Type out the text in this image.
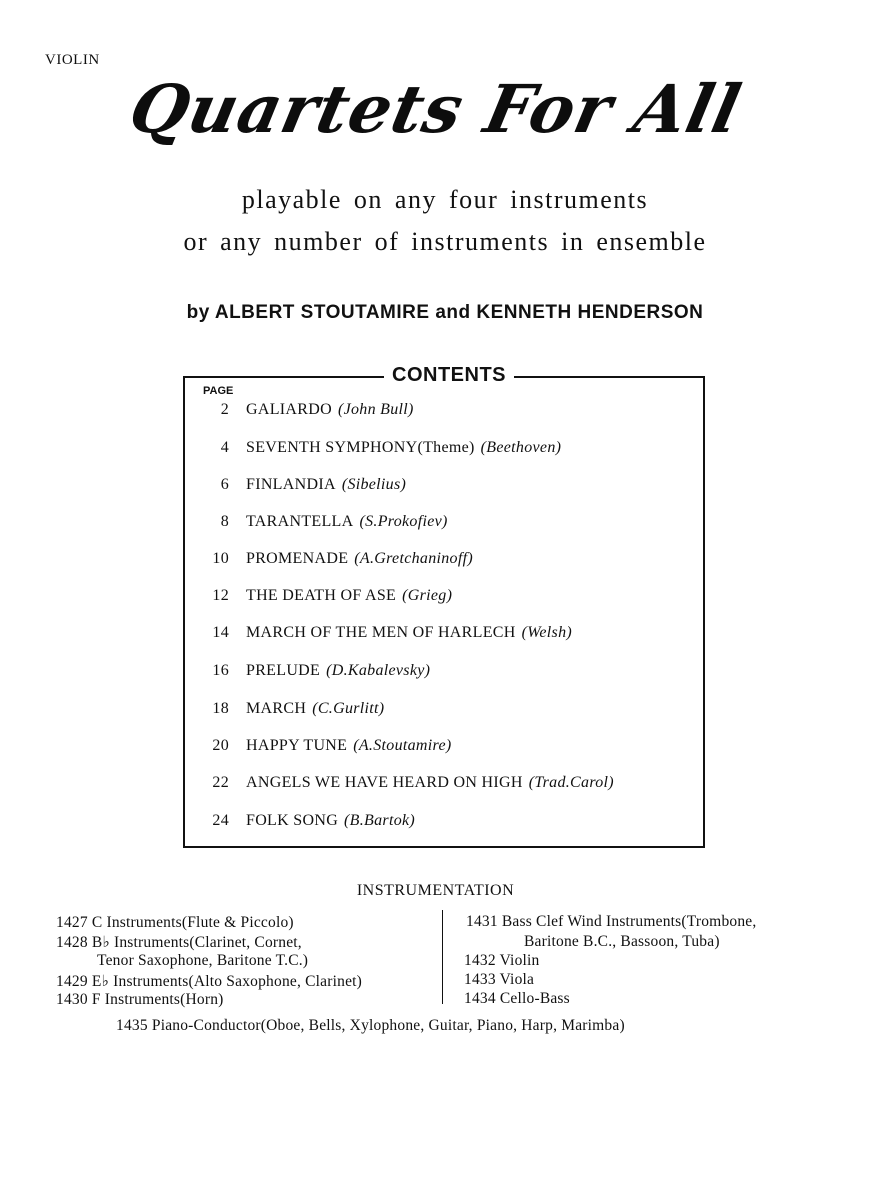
VIOLIN
Quartets For All
playable on any four instruments
or any number of instruments in ensemble
by ALBERT STOUTAMIRE and KENNETH HENDERSON
CONTENTS
PAGE
2 GALIARDO (John Bull)
4 SEVENTH SYMPHONY(Theme) (Beethoven)
6 FINLANDIA (Sibelius)
8 TARANTELLA (S.Prokofiev)
10 PROMENADE (A.Gretchaninoff)
12 THE DEATH OF ASE (Grieg)
14 MARCH OF THE MEN OF HARLECH (Welsh)
16 PRELUDE (D.Kabalevsky)
18 MARCH (C.Gurlitt)
20 HAPPY TUNE (A.Stoutamire)
22 ANGELS WE HAVE HEARD ON HIGH (Trad.Carol)
24 FOLK SONG (B.Bartok)
INSTRUMENTATION
1427 C Instruments(Flute & Piccolo)
1428 B♭ Instruments(Clarinet, Cornet,
Tenor Saxophone, Baritone T.C.)
1429 E♭ Instruments(Alto Saxophone, Clarinet)
1430 F Instruments(Horn)
1431 Bass Clef Wind Instruments(Trombone,
Baritone B.C., Bassoon, Tuba)
1432 Violin
1433 Viola
1434 Cello-Bass
1435 Piano-Conductor(Oboe, Bells, Xylophone, Guitar, Piano, Harp, Marimba)
